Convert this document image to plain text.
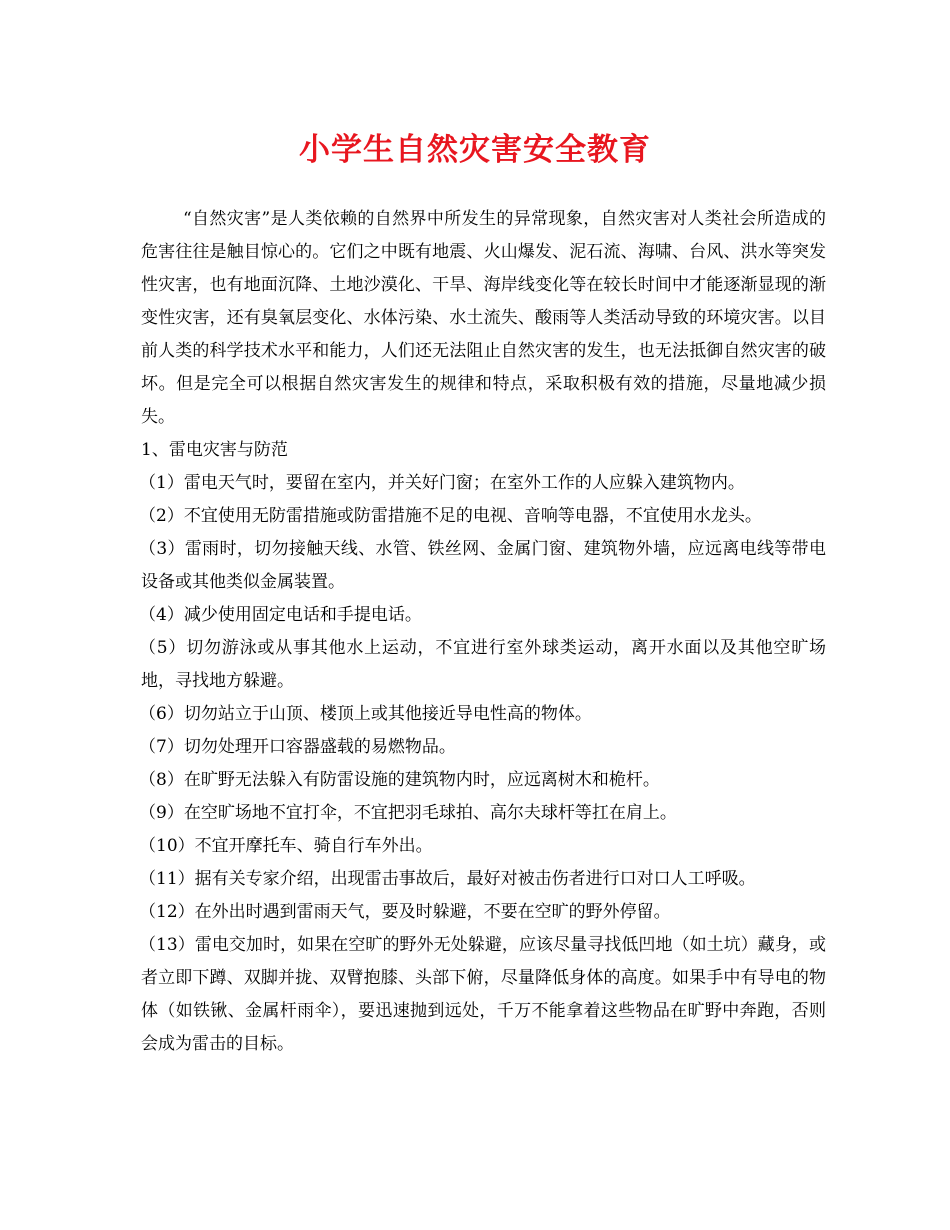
小学生自然灾害安全教育

“自然灾害”是人类依赖的自然界中所发生的异常现象，自然灾害对人类社会所造成的危害往往是触目惊心的。它们之中既有地震、火山爆发、泥石流、海啸、台风、洪水等突发性灾害，也有地面沉降、土地沙漠化、干旱、海岸线变化等在较长时间中才能逐渐显现的渐变性灾害，还有臭氧层变化、水体污染、水土流失、酸雨等人类活动导致的环境灾害。以目前人类的科学技术水平和能力，人们还无法阻止自然灾害的发生，也无法抵御自然灾害的破坏。但是完全可以根据自然灾害发生的规律和特点，采取积极有效的措施，尽量地减少损失。

1、雷电灾害与防范

（1）雷电天气时，要留在室内，并关好门窗；在室外工作的人应躲入建筑物内。

（2）不宜使用无防雷措施或防雷措施不足的电视、音响等电器，不宜使用水龙头。

（3）雷雨时，切勿接触天线、水管、铁丝网、金属门窗、建筑物外墙，应远离电线等带电设备或其他类似金属装置。

（4）减少使用固定电话和手提电话。

（5）切勿游泳或从事其他水上运动，不宜进行室外球类运动，离开水面以及其他空旷场地，寻找地方躲避。

（6）切勿站立于山顶、楼顶上或其他接近导电性高的物体。

（7）切勿处理开口容器盛载的易燃物品。

（8）在旷野无法躲入有防雷设施的建筑物内时，应远离树木和桅杆。

（9）在空旷场地不宜打伞，不宜把羽毛球拍、高尔夫球杆等扛在肩上。

（10）不宜开摩托车、骑自行车外出。

（11）据有关专家介绍，出现雷击事故后，最好对被击伤者进行口对口人工呼吸。

（12）在外出时遇到雷雨天气，要及时躲避，不要在空旷的野外停留。

（13）雷电交加时，如果在空旷的野外无处躲避，应该尽量寻找低凹地（如土坑）藏身，或者立即下蹲、双脚并拢、双臂抱膝、头部下俯，尽量降低身体的高度。如果手中有导电的物体（如铁锹、金属杆雨伞），要迅速抛到远处，千万不能拿着这些物品在旷野中奔跑，否则会成为雷击的目标。
